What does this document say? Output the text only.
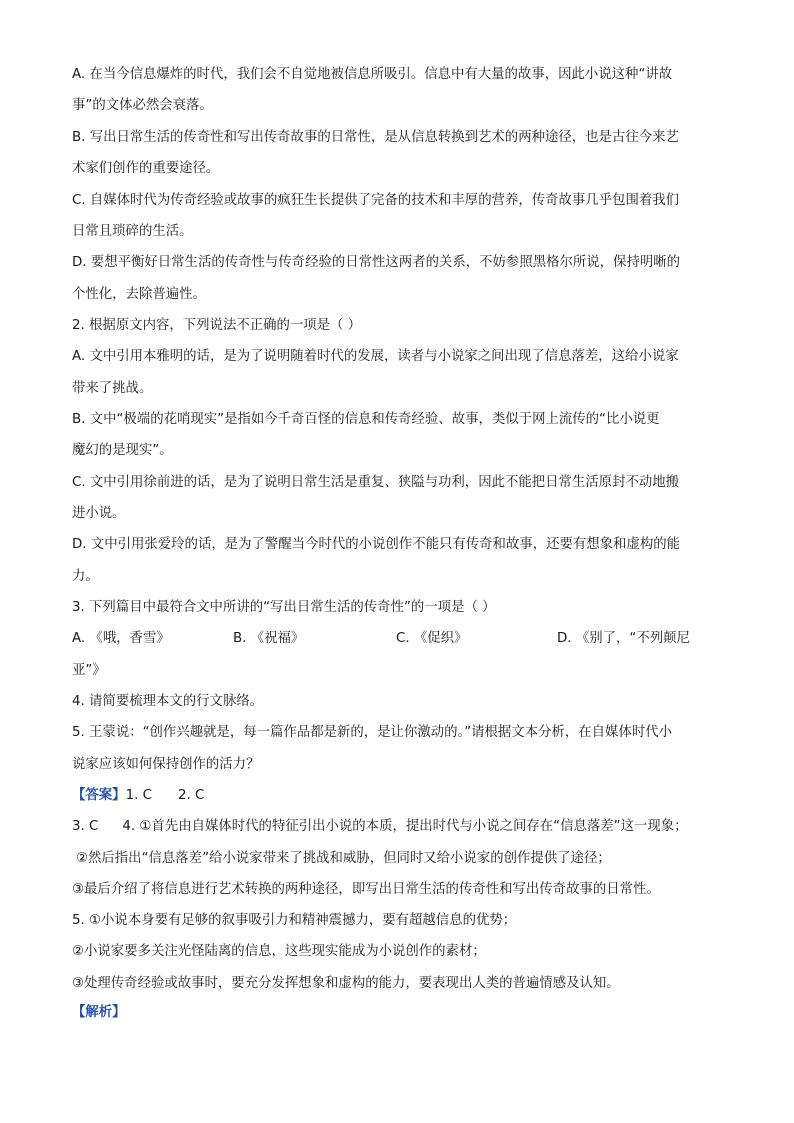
A. 在当今信息爆炸的时代，我们会不自觉地被信息所吸引。信息中有大量的故事，因此小说这种“讲故
事”的文体必然会衰落。
B. 写出日常生活的传奇性和写出传奇故事的日常性，是从信息转换到艺术的两种途径，也是古往今来艺
术家们创作的重要途径。
C. 自媒体时代为传奇经验或故事的疯狂生长提供了完备的技术和丰厚的营养，传奇故事几乎包围着我们
日常且琐碎的生活。
D. 要想平衡好日常生活的传奇性与传奇经验的日常性这两者的关系，不妨参照黑格尔所说，保持明晰的
个性化，去除普遍性。
2. 根据原文内容，下列说法不正确的一项是（ ）
A. 文中引用本雅明的话，是为了说明随着时代的发展，读者与小说家之间出现了信息落差，这给小说家
带来了挑战。
B. 文中“极端的花哨现实”是指如今千奇百怪的信息和传奇经验、故事，类似于网上流传的“比小说更
魔幻的是现实”。
C. 文中引用徐前进的话，是为了说明日常生活是重复、狭隘与功利，因此不能把日常生活原封不动地搬
进小说。
D. 文中引用张爱玲的话，是为了警醒当今时代的小说创作不能只有传奇和故事，还要有想象和虚构的能
力。
3. 下列篇目中最符合文中所讲的“写出日常生活的传奇性”的一项是（ ）
A. 《哦，香雪》	B. 《祝福》	C. 《促织》	D. 《别了，“不列颠尼
亚”》
4. 请简要梳理本文的行文脉络。
5. 王蒙说：“创作兴趣就是，每一篇作品都是新的，是让你激动的。”请根据文本分析，在自媒体时代小
说家应该如何保持创作的活力？
【答案】1. C 2. C
3. C 4. ①首先由自媒体时代的特征引出小说的本质，提出时代与小说之间存在“信息落差”这一现象；
②然后指出“信息落差”给小说家带来了挑战和威胁，但同时又给小说家的创作提供了途径；
③最后介绍了将信息进行艺术转换的两种途径，即写出日常生活的传奇性和写出传奇故事的日常性。
5. ①小说本身要有足够的叙事吸引力和精神震撼力，要有超越信息的优势；
②小说家要多关注光怪陆离的信息，这些现实能成为小说创作的素材；
③处理传奇经验或故事时，要充分发挥想象和虚构的能力，要表现出人类的普遍情感及认知。
【解析】
